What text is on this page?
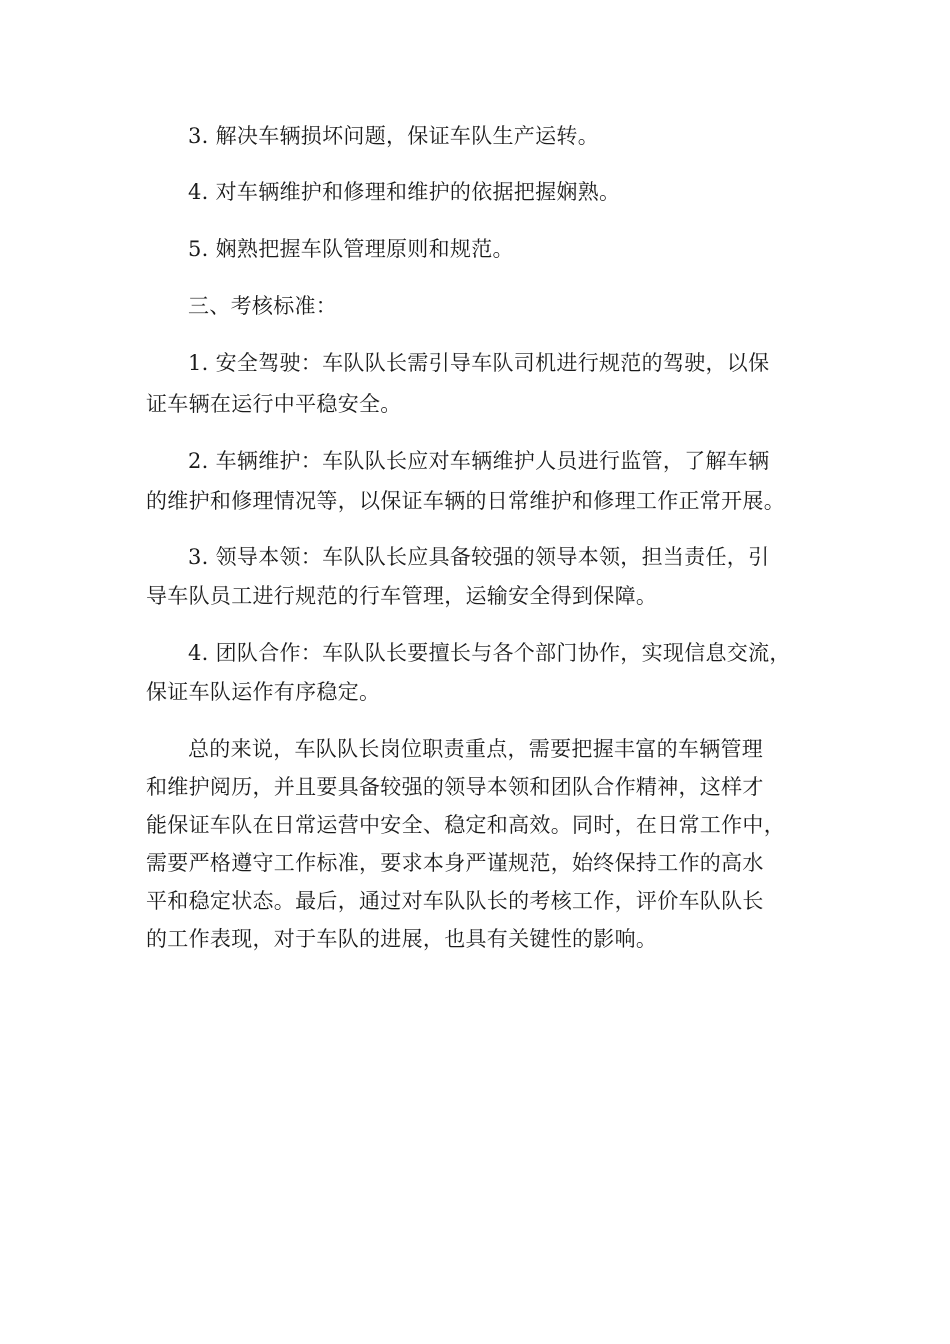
3. 解决车辆损坏问题，保证车队生产运转。
4. 对车辆维护和修理和维护的依据把握娴熟。
5. 娴熟把握车队管理原则和规范。
三、考核标准：
1. 安全驾驶：车队队长需引导车队司机进行规范的驾驶，以保
证车辆在运行中平稳安全。
2. 车辆维护：车队队长应对车辆维护人员进行监管，了解车辆
的维护和修理情况等，以保证车辆的日常维护和修理工作正常开展。
3. 领导本领：车队队长应具备较强的领导本领，担当责任，引
导车队员工进行规范的行车管理，运输安全得到保障。
4. 团队合作：车队队长要擅长与各个部门协作，实现信息交流，
保证车队运作有序稳定。
总的来说，车队队长岗位职责重点，需要把握丰富的车辆管理
和维护阅历，并且要具备较强的领导本领和团队合作精神，这样才
能保证车队在日常运营中安全、稳定和高效。同时，在日常工作中，
需要严格遵守工作标准，要求本身严谨规范，始终保持工作的高水
平和稳定状态。最后，通过对车队队长的考核工作，评价车队队长
的工作表现，对于车队的进展，也具有关键性的影响。
